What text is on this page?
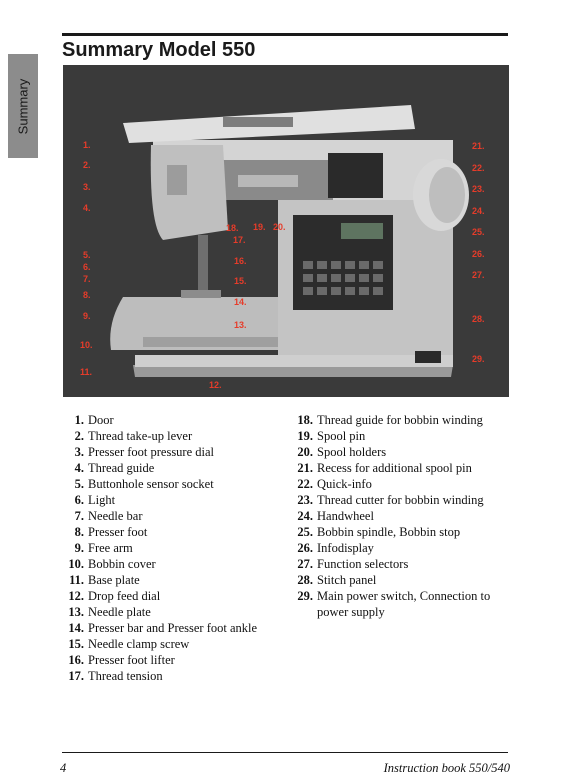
Summary
Summary Model 550
1.
2.
3.
4.
5.
6.
7.
8.
9.
10.
11.
12.
13.
14.
15.
16.
17.
18. 19. 20.
21.
22.
23.
24.
25.
26.
27.
28.
29.
1. Door
2. Thread take-up lever
3. Presser foot pressure dial
4. Thread guide
5. Buttonhole sensor socket
6. Light
7. Needle bar
8. Presser foot
9. Free arm
10. Bobbin cover
11. Base plate
12. Drop feed dial
13. Needle plate
14. Presser bar and Presser foot ankle
15. Needle clamp screw
16. Presser foot lifter
17. Thread tension
18. Thread guide for bobbin winding
19. Spool pin
20. Spool holders
21. Recess for additional spool pin
22. Quick-info
23. Thread cutter for bobbin winding
24. Handwheel
25. Bobbin spindle, Bobbin stop
26. Infodisplay
27. Function selectors
28. Stitch panel
29. Main power switch, Connection to power supply
4	Instruction book 550/540
